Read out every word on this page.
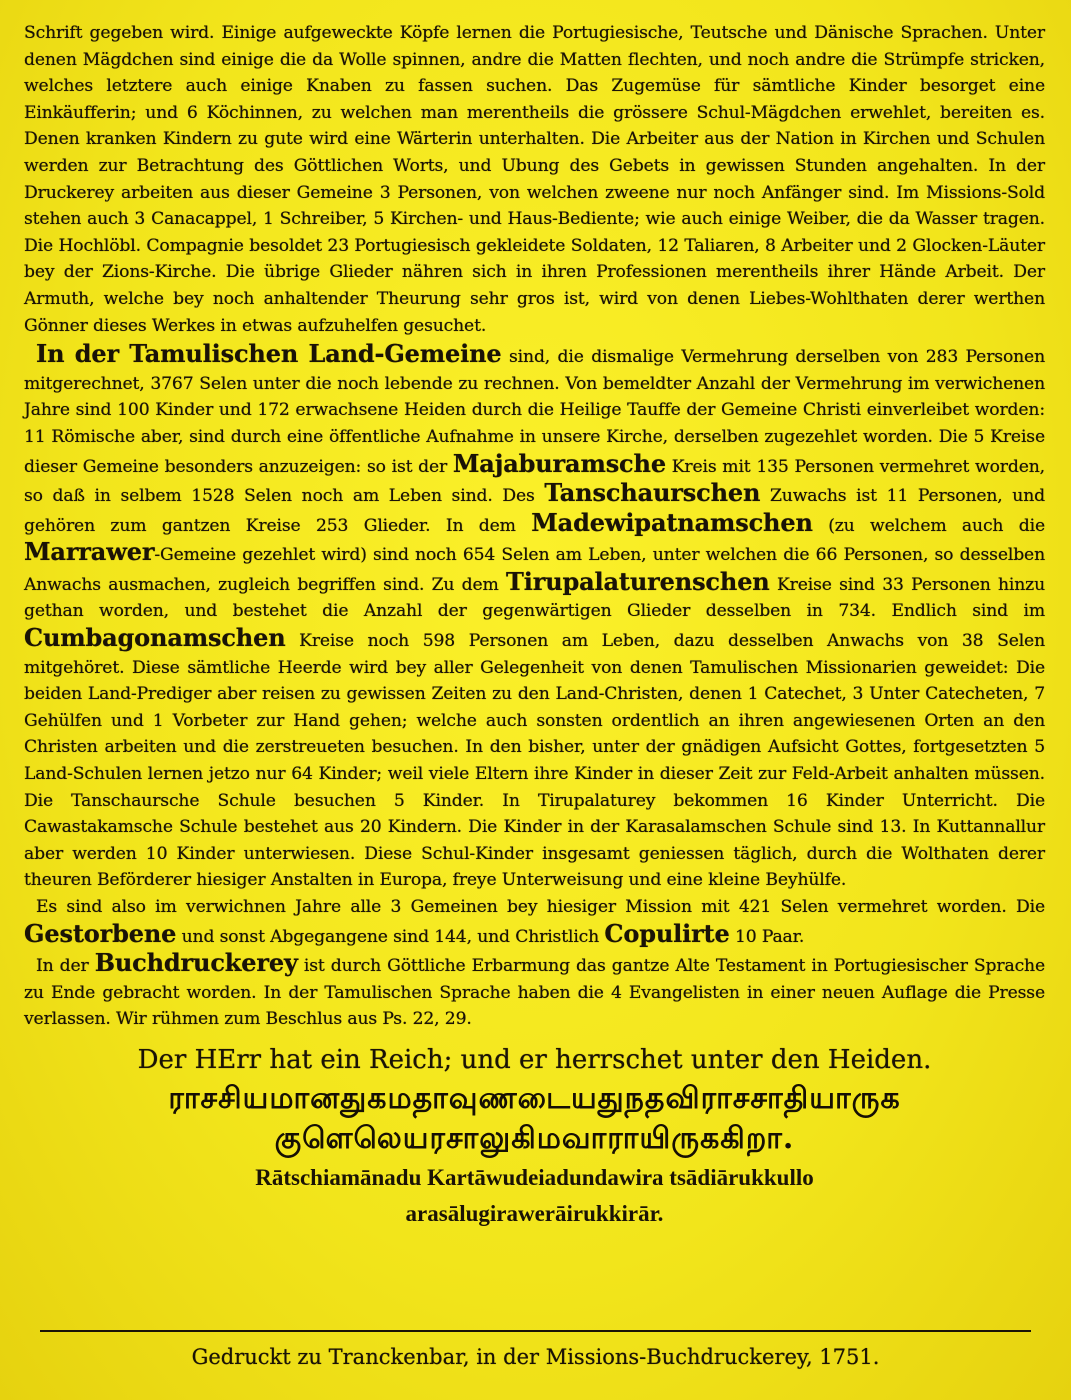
Schrift gegeben wird. Einige aufgeweckte Köpfe lernen die Portugiesische, Teutsche und Dänische Sprachen. Unter denen Mägdchen sind einige die da Wolle spinnen, andre die Matten flechten, und noch andre die Strümpfe stricken, welches letztere auch einige Knaben zu fassen suchen. Das Zugemüse für sämtliche Kinder besorget eine Einkäufferin; und 6 Köchinnen, zu welchen man merentheils die grössere Schul-Mägdchen erwehlet, bereiten es. Denen kranken Kindern zu gute wird eine Wärterin unterhalten. Die Arbeiter aus der Nation in Kirchen und Schulen werden zur Betrachtung des Göttlichen Worts, und Ubung des Gebets in gewissen Stunden angehalten. In der Druckerey arbeiten aus dieser Gemeine 3 Personen, von welchen zweene nur noch Anfänger sind. Im Missions-Sold stehen auch 3 Canacappel, 1 Schreiber, 5 Kirchen- und Haus-Bediente; wie auch einige Weiber, die da Wasser tragen. Die Hochlöbl. Compagnie besoldet 23 Portugiesisch gekleidete Soldaten, 12 Taliaren, 8 Arbeiter und 2 Glocken-Läuter bey der Zions-Kirche. Die übrige Glieder nähren sich in ihren Professionen merentheils ihrer Hände Arbeit. Der Armuth, welche bey noch anhaltender Theurung sehr gros ist, wird von denen Liebes-Wohlthaten derer werthen Gönner dieses Werkes in etwas aufzuhelfen gesuchet.

In der Tamulischen Land-Gemeine sind, die dismalige Vermehrung derselben von 283 Personen mitgerechnet, 3767 Selen unter die noch lebende zu rechnen. Von bemeldter Anzahl der Vermehrung im verwichenen Jahre sind 100 Kinder und 172 erwachsene Heiden durch die Heilige Tauffe der Gemeine Christi einverleibet worden: 11 Römische aber, sind durch eine öffentliche Aufnahme in unsere Kirche, derselben zugezehlet worden. Die 5 Kreise dieser Gemeine besonders anzuzeigen: so ist der Majaburamsche Kreis mit 135 Personen vermehret worden, so daß in selbem 1528 Selen noch am Leben sind. Des Tanschaurschen Zuwachs ist 11 Personen, und gehören zum gantzen Kreise 253 Glieder. In dem Madewipatnamschen (zu welchem auch die Marrawer-Gemeine gezehlet wird) sind noch 654 Selen am Leben, unter welchen die 66 Personen, so desselben Anwachs ausmachen, zugleich begriffen sind. Zu dem Tirupalaturenschen Kreise sind 33 Personen hinzu gethan worden, und bestehet die Anzahl der gegenwärtigen Glieder desselben in 734. Endlich sind im Cumbagonamschen Kreise noch 598 Personen am Leben, dazu desselben Anwachs von 38 Selen mitgehöret. Diese sämtliche Heerde wird bey aller Gelegenheit von denen Tamulischen Missionarien geweidet: Die beiden Land-Prediger aber reisen zu gewissen Zeiten zu den Land-Christen, denen 1 Catechet, 3 Unter Catecheten, 7 Gehülfen und 1 Vorbeter zur Hand gehen; welche auch sonsten ordentlich an ihren angewiesenen Orten an den Christen arbeiten und die zerstreueten besuchen. In den bisher, unter der gnädigen Aufsicht Gottes, fortgesetzten 5 Land-Schulen lernen jetzo nur 64 Kinder; weil viele Eltern ihre Kinder in dieser Zeit zur Feld-Arbeit anhalten müssen. Die Tanschaursche Schule besuchen 5 Kinder. In Tirupalaturey bekommen 16 Kinder Unterricht. Die Cawastakamsche Schule bestehet aus 20 Kindern. Die Kinder in der Karasalamschen Schule sind 13. In Kuttannallur aber werden 10 Kinder unterwiesen. Diese Schul-Kinder insgesamt geniessen täglich, durch die Wolthaten derer theuren Beförderer hiesiger Anstalten in Europa, freye Unterweisung und eine kleine Beyhülfe.

Es sind also im verwichnen Jahre alle 3 Gemeinen bey hiesiger Mission mit 421 Selen vermehret worden. Die Gestorbene und sonst Abgegangene sind 144, und Christlich Copulirte 10 Paar.

In der Buchdruckerey ist durch Göttliche Erbarmung das gantze Alte Testament in Portugiesischer Sprache zu Ende gebracht worden. In der Tamulischen Sprache haben die 4 Evangelisten in einer neuen Auflage die Presse verlassen. Wir rühmen zum Beschlus aus Ps. 22, 29.

Der HErr hat ein Reich; und er herrschet unter den Heiden.

ராசசியமானதுகமதாவுணடையதுநதவிராசசாதியாருக

குளெலெயரசாலுகிமவாராயிருககிறா.

Rātschiamānadu Kartāwudeiadundawira tsādiārukkullo

arasālugirawerāirukkirār.

Gedruckt zu Tranckenbar, in der Missions-Buchdruckerey, 1751.
